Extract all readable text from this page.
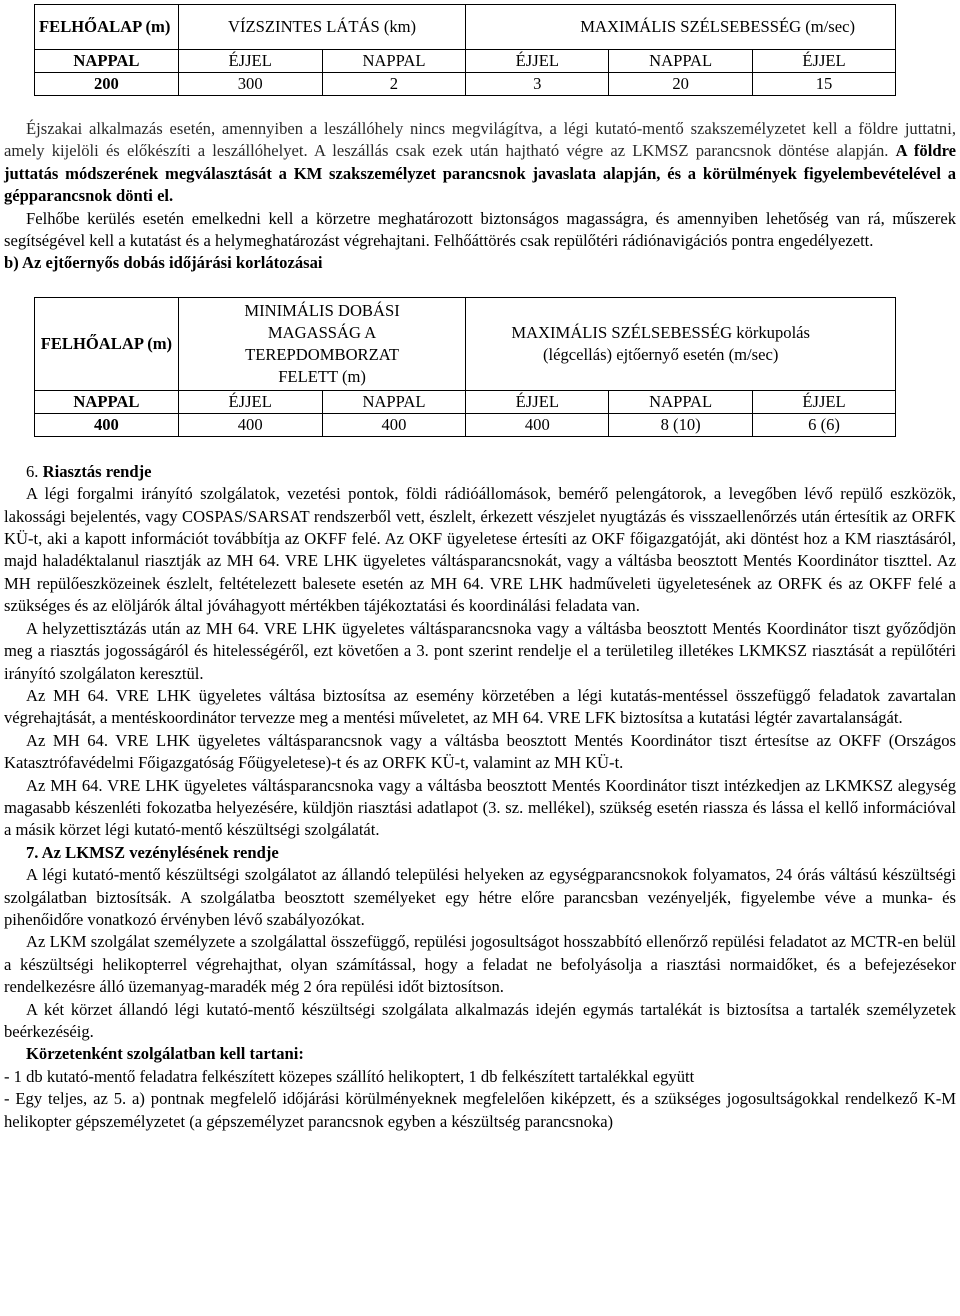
FELHŐALAP (m)	VÍZSZINTES LÁTÁS (km)		MAXIMÁLIS SZÉLSEBESSÉG (m/sec)		
NAPPAL	ÉJJEL	NAPPAL	ÉJJEL	NAPPAL	ÉJJEL
200	300	2	3	20	15

Éjszakai alkalmazás esetén, amennyiben a leszállóhely nincs megvilágítva, a légi kutató-mentő szakszemélyzetet kell a földre juttatni, amely kijelöli és előkészíti a leszállóhelyet. A leszállás csak ezek után hajtható végre az LKMSZ parancsnok döntése alapján. A földre juttatás módszerének megválasztását a KM szakszemélyzet parancsnok javaslata alapján, és a körülmények figyelembevételével a gépparancsnok dönti el.

Felhőbe kerülés esetén emelkedni kell a körzetre meghatározott biztonságos magasságra, és amennyiben lehetőség van rá, műszerek segítségével kell a kutatást és a helymeghatározást végrehajtani. Felhőáttörés csak repülőtéri rádiónavigációs pontra engedélyezett.

b) Az ejtőernyős dobás időjárási korlátozásai

FELHŐALAP (m)	MINIMÁLIS DOBÁSI MAGASSÁG A TEREPDOMBORZAT FELETT (m)		MAXIMÁLIS SZÉLSEBESSÉG körkupolás (légcellás) ejtőernyő esetén (m/sec)		
NAPPAL	ÉJJEL	NAPPAL	ÉJJEL	NAPPAL	ÉJJEL
400	400	400	400	8 (10)	6 (6)

6. Riasztás rendje

A légi forgalmi irányító szolgálatok, vezetési pontok, földi rádióállomások, bemérő pelengátorok, a levegőben lévő repülő eszközök, lakossági bejelentés, vagy COSPAS/SARSAT rendszerből vett, észlelt, érkezett vészjelet nyugtázás és visszaellenőrzés után értesítik az ORFK KÜ-t, aki a kapott információt továbbítja az OKFF felé. Az OKF ügyeletese értesíti az OKF főigazgatóját, aki döntést hoz a KM riasztásáról, majd haladéktalanul riasztják az MH 64. VRE LHK ügyeletes váltásparancsnokát, vagy a váltásba beosztott Mentés Koordinátor tiszttel. Az MH repülőeszközeinek észlelt, feltételezett balesete esetén az MH 64. VRE LHK hadműveleti ügyeletesének az ORFK és az OKFF felé a szükséges és az elöljárók által jóváhagyott mértékben tájékoztatási és koordinálási feladata van.

A helyzettisztázás után az MH 64. VRE LHK ügyeletes váltásparancsnoka vagy a váltásba beosztott Mentés Koordinátor tiszt győződjön meg a riasztás jogosságáról és hitelességéről, ezt követően a 3. pont szerint rendelje el a területileg illetékes LKMKSZ riasztását a repülőtéri irányító szolgálaton keresztül.

Az MH 64. VRE LHK ügyeletes váltása biztosítsa az esemény körzetében a légi kutatás-mentéssel összefüggő feladatok zavartalan végrehajtását, a mentéskoordinátor tervezze meg a mentési műveletet, az MH 64. VRE LFK biztosítsa a kutatási légtér zavartalanságát.

Az MH 64. VRE LHK ügyeletes váltásparancsnok vagy a váltásba beosztott Mentés Koordinátor tiszt értesítse az OKFF (Országos Katasztrófavédelmi Főigazgatóság Főügyeletese)-t és az ORFK KÜ-t, valamint az MH KÜ-t.

Az MH 64. VRE LHK ügyeletes váltásparancsnoka vagy a váltásba beosztott Mentés Koordinátor tiszt intézkedjen az LKMKSZ alegység magasabb készenléti fokozatba helyezésére, küldjön riasztási adatlapot (3. sz. mellékel), szükség esetén riassza és lássa el kellő információval a másik körzet légi kutató-mentő készültségi szolgálatát.

7. Az LKMSZ vezénylésének rendje

A légi kutató-mentő készültségi szolgálatot az állandó települési helyeken az egységparancsnokok folyamatos, 24 órás váltású készültségi szolgálatban biztosítsák. A szolgálatba beosztott személyeket egy hétre előre parancsban vezényeljék, figyelembe véve a munka- és pihenőidőre vonatkozó érvényben lévő szabályozókat.

Az LKM szolgálat személyzete a szolgálattal összefüggő, repülési jogosultságot hosszabbító ellenőrző repülési feladatot az MCTR-en belül a készültségi helikopterrel végrehajthat, olyan számítással, hogy a feladat ne befolyásolja a riasztási normaidőket, és a befejezésekor rendelkezésre álló üzemanyag-maradék még 2 óra repülési időt biztosítson.

A két körzet állandó légi kutató-mentő készültségi szolgálata alkalmazás idején egymás tartalékát is biztosítsa a tartalék személyzetek beérkezéséig.

Körzetenként szolgálatban kell tartani:

- 1 db kutató-mentő feladatra felkészített közepes szállító helikoptert, 1 db felkészített tartalékkal együtt

- Egy teljes, az 5. a) pontnak megfelelő időjárási körülményeknek megfelelően kiképzett, és a szükséges jogosultságokkal rendelkező K-M helikopter gépszemélyzetet (a gépszemélyzet parancsnok egyben a készültség parancsnoka)
